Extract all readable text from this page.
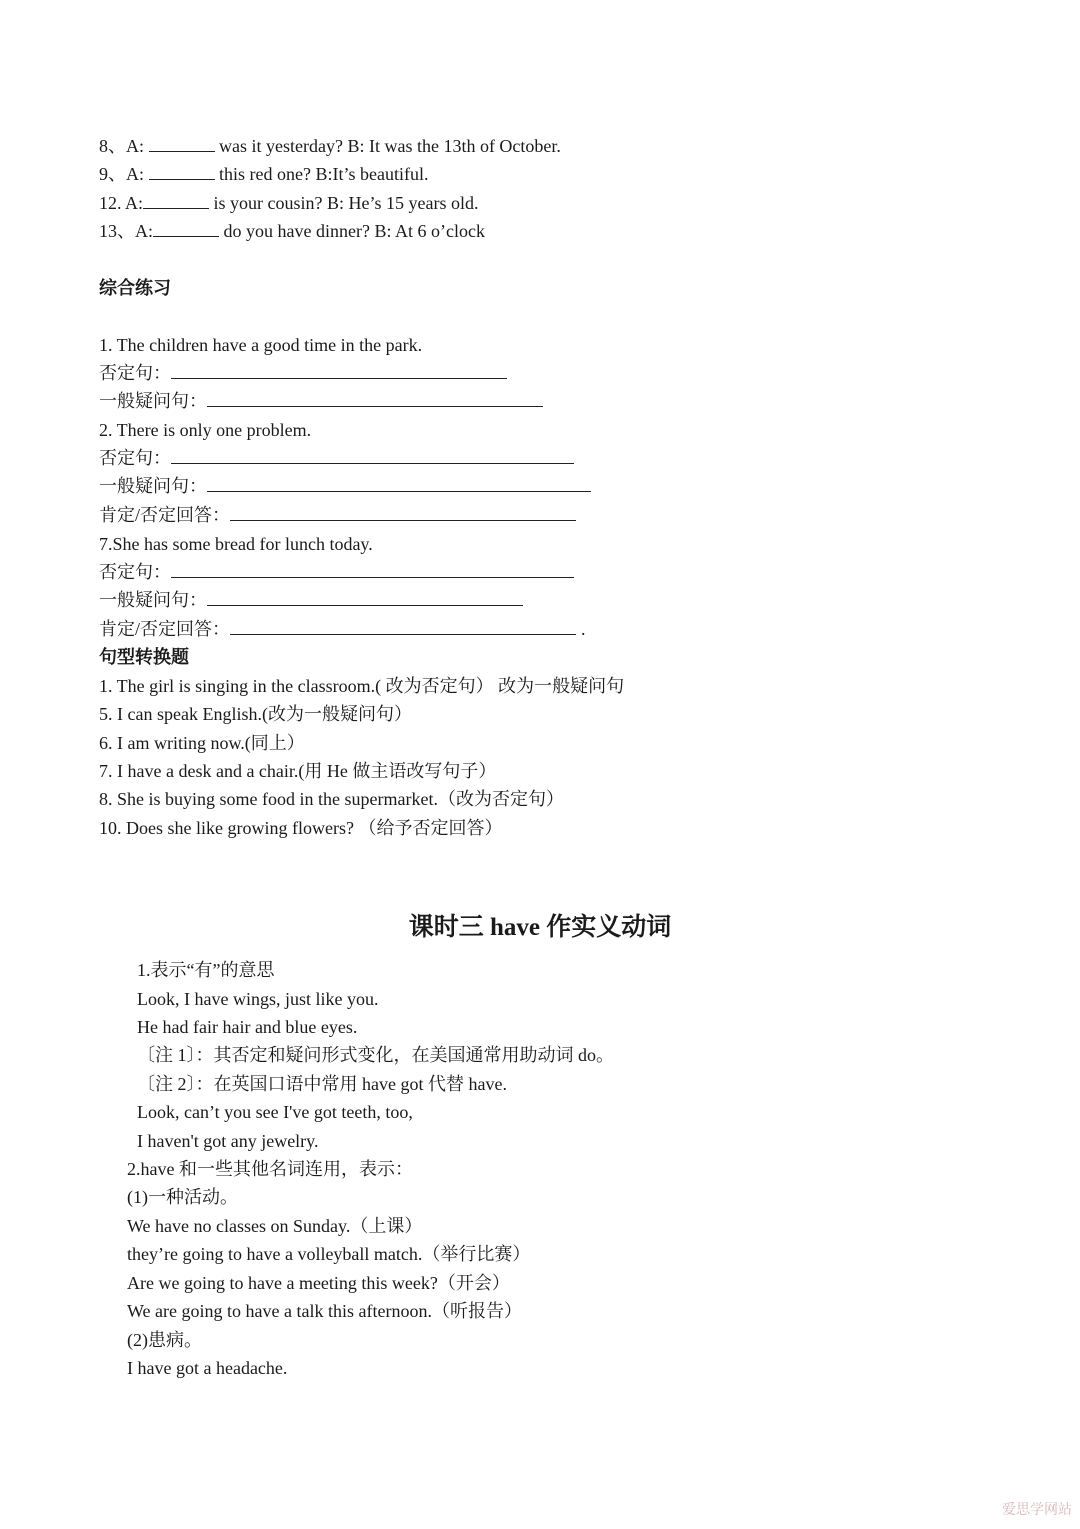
8、A:	was it yesterday? B: It was the 13th of October.
9、A:	this red one? B:It’s beautiful.
12. A:	is your cousin? B: He’s 15 years old.
13、A:	do you have dinner? B: At 6 o’clock
综合练习
1. The children have a good time in the park.
否定句：
一般疑问句：
2. There is only one problem.
否定句：
一般疑问句：
肯定/否定回答：
7.She has some bread for lunch today.
否定句：
一般疑问句：
肯定/否定回答：	.
句型转换题
1. The girl is singing in the classroom.( 改为否定句） 改为一般疑问句
5. I can speak English.(改为一般疑问句）
6. I am writing now.(同上）
7. I have a desk and a chair.(用 He 做主语改写句子）
8. She is buying some food in the supermarket.（改为否定句）
10. Does she like growing flowers? （给予否定回答）
课时三 have 作实义动词
1.表示“有”的意思
Look, I have wings, just like you.
He had fair hair and blue eyes.
〔注 1〕：其否定和疑问形式变化，在美国通常用助动词 do。
〔注 2〕：在英国口语中常用 have got 代替 have.
Look, can’t you see I've got teeth, too,
I haven't got any jewelry.
2.have 和一些其他名词连用，表示：
(1)一种活动。
We have no classes on Sunday.（上课）
they’re going to have a volleyball match.（举行比赛）
Are we going to have a meeting this week?（开会）
We are going to have a talk this afternoon.（听报告）
(2)患病。
I have got a headache.
爱思学网站
